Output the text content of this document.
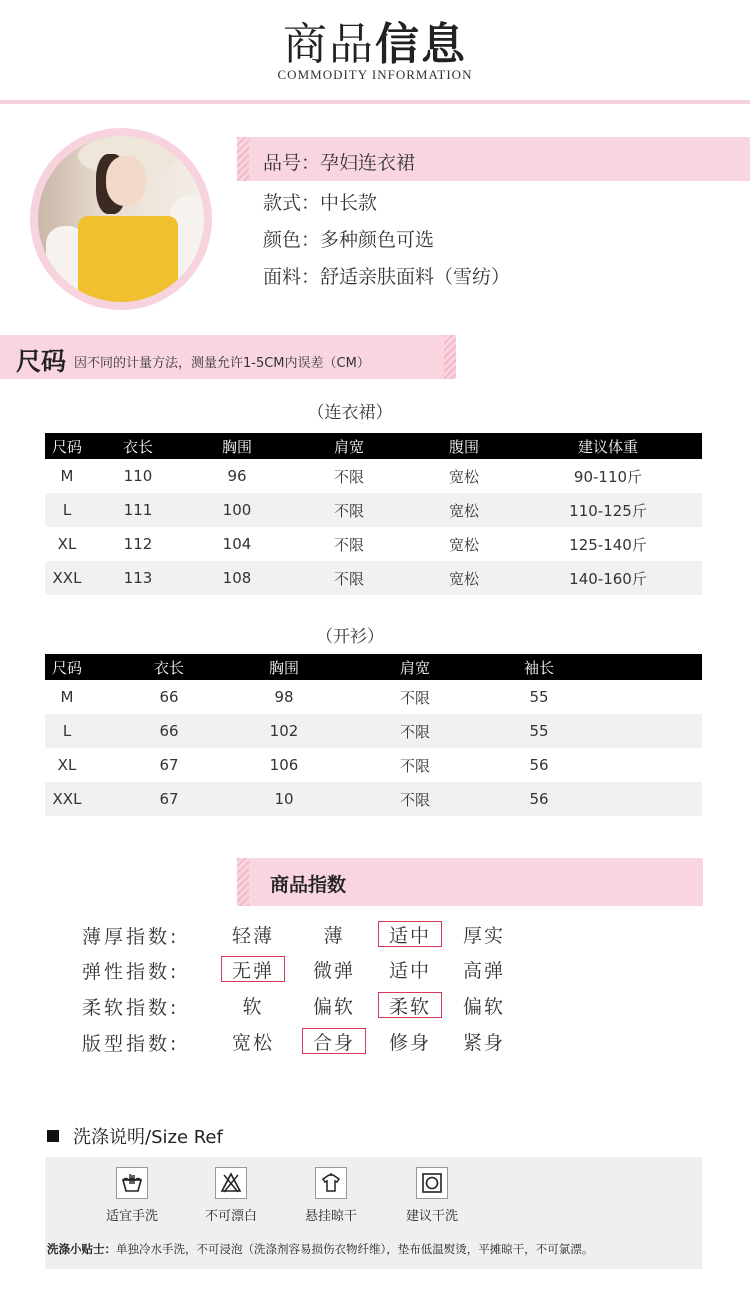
商品信息
COMMODITY INFORMATION
品号：孕妇连衣裙
款式：中长款
颜色：多种颜色可选
面料：舒适亲肤面料（雪纺）
尺码 因不同的计量方法，测量允许1-5CM内误差（CM）
（连衣裙）
尺码	衣长	胸围	肩宽	腹围	建议体重
M	110	96	不限	宽松	90-110斤
L	111	100	不限	宽松	110-125斤
XL	112	104	不限	宽松	125-140斤
XXL	113	108	不限	宽松	140-160斤
（开衫）
尺码	衣长	胸围	肩宽	袖长
M	66	98	不限	55
L	66	102	不限	55
XL	67	106	不限	56
XXL	67	10	不限	56
商品指数
薄厚指数:	轻薄	薄	适中	厚实
弹性指数:	无弹	微弹	适中	高弹
柔软指数:	软	偏软	柔软	偏软
版型指数:	宽松	合身	修身	紧身
洗涤说明/Size Ref
适宜手洗	不可漂白	悬挂晾干	建议干洗
洗涤小贴士：单独冷水手洗，不可浸泡（洗涤剂容易损伤衣物纤维），垫布低温熨烫，平摊晾干，不可氯漂。
